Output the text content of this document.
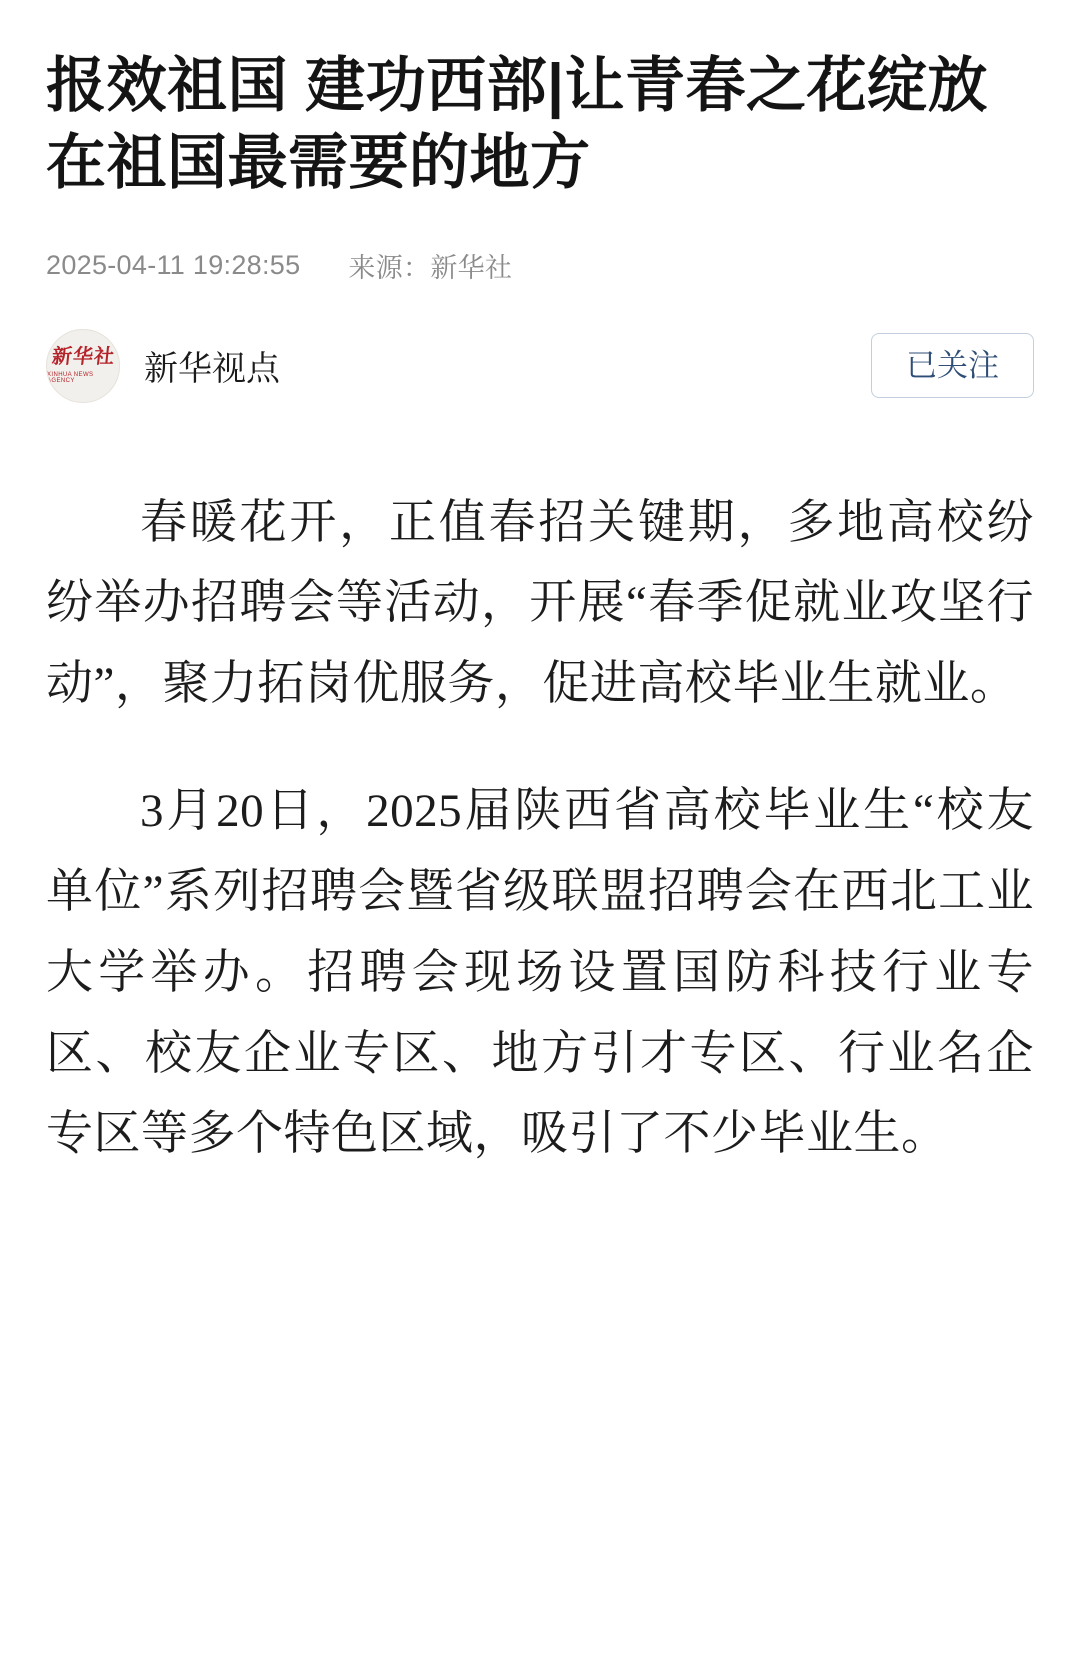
报效祖国 建功西部|让青春之花绽放在祖国最需要的地方
2025-04-11 19:28:55 来源：新华社
新华社
XINHUA NEWS AGENCY	新华视点	已关注

春暖花开，正值春招关键期，多地高校纷纷举办招聘会等活动，开展“春季促就业攻坚行动”，聚力拓岗优服务，促进高校毕业生就业。

3月20日，2025届陕西省高校毕业生“校友单位”系列招聘会暨省级联盟招聘会在西北工业大学举办。招聘会现场设置国防科技行业专区、校友企业专区、地方引才专区、行业名企专区等多个特色区域，吸引了不少毕业生。
